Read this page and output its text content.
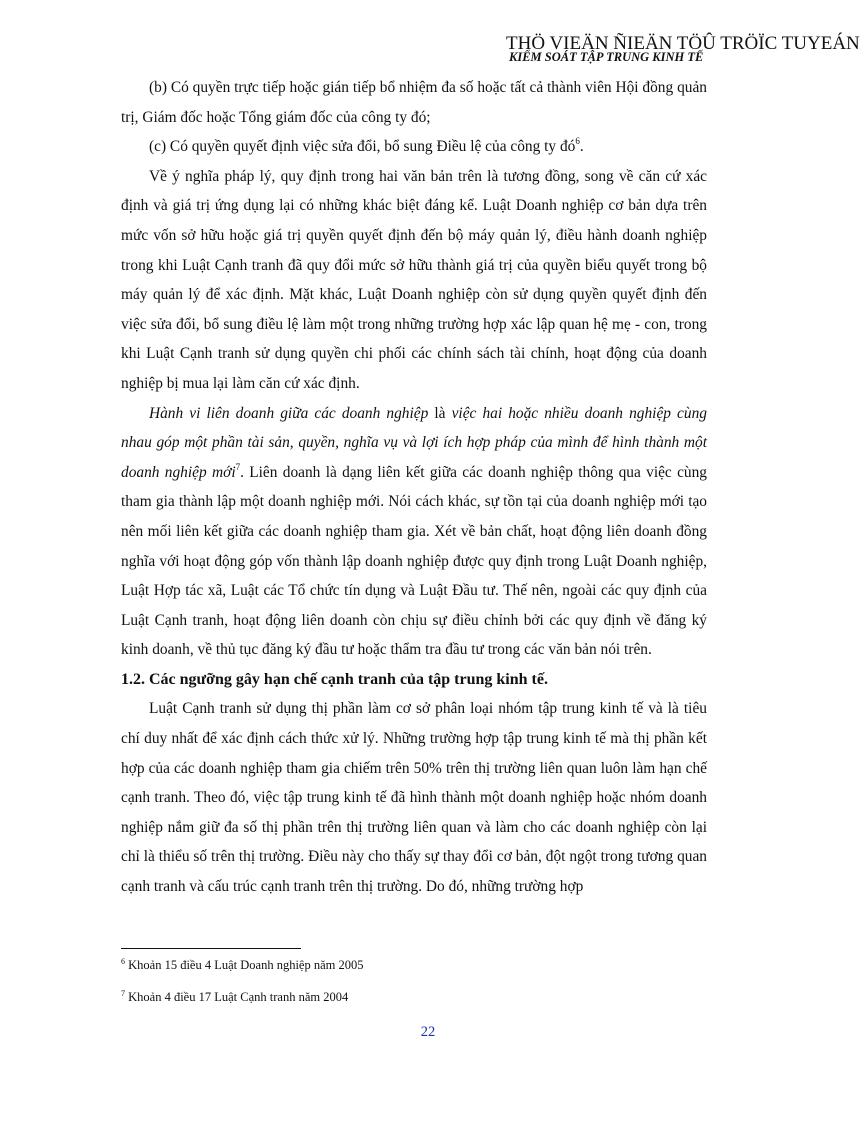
THÖ VIEÄN ÑIEÄN TÖÛ TRÖÏC TUYEÁN
KIỂM SOÁT TẬP TRUNG KINH TẾ

(b) Có quyền trực tiếp hoặc gián tiếp bổ nhiệm đa số hoặc tất cả thành viên Hội đồng quản trị, Giám đốc hoặc Tổng giám đốc của công ty đó;

(c) Có quyền quyết định việc sửa đổi, bổ sung Điều lệ của công ty $đó^6$.

Về ý nghĩa pháp lý, quy định trong hai văn bản trên là tương đồng, song về căn cứ xác định và giá trị ứng dụng lại có những khác biệt đáng kể. Luật Doanh nghiệp cơ bản dựa trên mức vốn sở hữu hoặc giá trị quyền quyết định đến bộ máy quản lý, điều hành doanh nghiệp trong khi Luật Cạnh tranh đã quy đổi mức sở hữu thành giá trị của quyền biểu quyết trong bộ máy quản lý để xác định. Mặt khác, Luật Doanh nghiệp còn sử dụng quyền quyết định đến việc sửa đổi, bổ sung điều lệ làm một trong những trường hợp xác lập quan hệ mẹ - con, trong khi Luật Cạnh tranh sử dụng quyền chi phối các chính sách tài chính, hoạt động của doanh nghiệp bị mua lại làm căn cứ xác định.

Hành vi liên doanh giữa các doanh nghiệp là việc hai hoặc nhiều doanh nghiệp cùng nhau góp một phần tài sản, quyền, nghĩa vụ và lợi ích hợp pháp của mình để hình thành một doanh nghiệp mới$^7$. Liên doanh là dạng liên kết giữa các doanh nghiệp thông qua việc cùng tham gia thành lập một doanh nghiệp mới. Nói cách khác, sự tồn tại của doanh nghiệp mới tạo nên mối liên kết giữa các doanh nghiệp tham gia. Xét về bản chất, hoạt động liên doanh đồng nghĩa với hoạt động góp vốn thành lập doanh nghiệp được quy định trong Luật Doanh nghiệp, Luật Hợp tác xã, Luật các Tổ chức tín dụng và Luật Đầu tư. Thế nên, ngoài các quy định của Luật Cạnh tranh, hoạt động liên doanh còn chịu sự điều chỉnh bởi các quy định về đăng ký kinh doanh, về thủ tục đăng ký đầu tư hoặc thẩm tra đầu tư trong các văn bản nói trên.

1.2. Các ngưỡng gây hạn chế cạnh tranh của tập trung kinh tế.

Luật Cạnh tranh sử dụng thị phần làm cơ sở phân loại nhóm tập trung kinh tế và là tiêu chí duy nhất để xác định cách thức xử lý. Những trường hợp tập trung kinh tế mà thị phần kết hợp của các doanh nghiệp tham gia chiếm trên 50% trên thị trường liên quan luôn làm hạn chế cạnh tranh. Theo đó, việc tập trung kinh tế đã hình thành một doanh nghiệp hoặc nhóm doanh nghiệp nắm giữ đa số thị phần trên thị trường liên quan và làm cho các doanh nghiệp còn lại chỉ là thiểu số trên thị trường. Điều này cho thấy sự thay đổi cơ bản, đột ngột trong tương quan cạnh tranh và cấu trúc cạnh tranh trên thị trường. Do đó, những trường hợp

$^6$ Khoản 15 điều 4 Luật Doanh nghiệp năm 2005
$^7$ Khoản 4 điều 17 Luật Cạnh tranh năm 2004
22
